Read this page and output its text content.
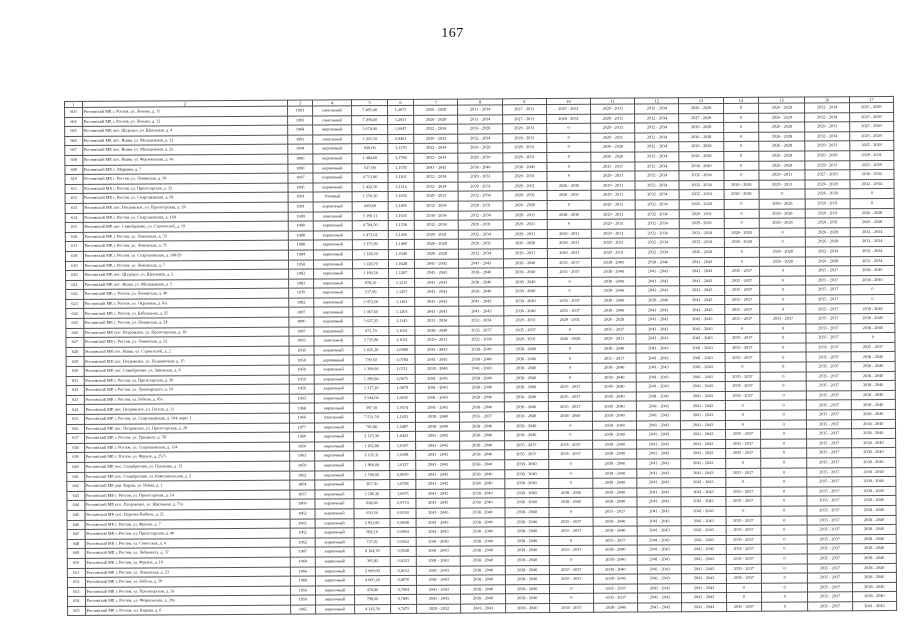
167
1	2	3	4	5	6	7	8	9	10	11	12	13	14	15	16	17
603	Ростовский МР, г. Ростов, ул. Ленина, д. 11	1993	панельный	7 485,40	1,2975	2026 - 2028	2031 - 2034	2027 - 2031	2027 - 2031	2029 - 2033	2032 - 2034	2026 - 2028	0	2026 - 2029	2032 - 2034	2025 - 2029
604	Ростовский МР, г. Ростов, ул. Ленина, д. 12	1993	панельный	7 298,60	1,2651	2026 - 2028	2031 - 2034	2027 - 2031	2029 - 2031	2029 - 2033	2032 - 2034	2027 - 2029	0	2026 - 2029	2032 - 2034	2025 - 2029
605	Ростовский МР, пос. Шурскол, ул. Школьная, д. 4	1968	кирпичный	3 678,90	1,0947	2032 - 2034	2026 - 2028	2029 - 2031	0	2029 - 2033	2032 - 2034	2026 - 2028	0	2026 - 2028	2029 - 2031	2025 - 2029
606	Ростовский МР, пос. Ишня, ул. Молодежная, д. 12	1991	панельный	3 265,50	0,9461	2030 - 2032	2032 - 2034	2028 - 2031	0	2029 - 2031	2032 - 2034	2026 - 2028	0	2026 - 2028	2032 - 2034	2025 - 2029
607	Ростовский МР, пос. Ишня, ул. Молодежная, д. 2а	1994	кирпичный	928,60	1,1176	2032 - 2034	2026 - 2028	2029 - 2031	0	2026 - 2028	2032 - 2034	2026 - 2028	0	2026 - 2028	2029 - 2031	2025 - 2029
608	Ростовский МР, пос. Ишня, ул. Фрунзенская, д. 4а	1986	кирпичный	1 484,60	1,1798	2032 - 2034	2028 - 2030	2029 - 2031	0	2026 - 2028	2032 - 2034	2026 - 2028	0	2026 - 2028	2026 - 2028	2029 - 2031
609	Ростовский МР, с. Марково, д. 7	1990	кирпичный	617,90	1,1578	2041 - 2043	2038 - 2040	2038 - 2040	0	2035 - 2037	2032 - 2034	2038 - 2040	0	2026 - 2028	2029 - 2031	2025 - 2029
610	Ростовский МР, г. Ростов, ул. Ленинская, д. 38	1997	кирпичный	4 713,80	1,1161	2032 - 2034	2029 - 2031	2029 - 2031	0	2029 - 2031	2032 - 2034	2032 - 2034	0	2029 - 2031	2027 - 2029	2030 - 2032
611	Ростовский МР, г. Ростов, ул. Пролетарская, д. 32	1995	кирпичный	1 422,50	1,1214	2032 - 2034	2029 - 2031	2029 - 2031	2028 - 2030	2029 - 2031	2032 - 2034	2032 - 2034	2026 - 2028	2029 - 2031	2026 - 2028	2032 - 2034
612	Ростовский МР, г. Ростов, ул. Спартаковская, д. 81	1991	блочный	1 156,30	1,1692	2029 - 2031	2032 - 2034	2029 - 2031	2029 - 2031	2029 - 2031	2032 - 2034	2032 - 2034	2026 - 2028	0	2026 - 2028	0
613	Ростовский МР, пос. Петровское, ул. Пролетарская, д. 26	1981	кирпичный	849,60	1,1605	2032 - 2034	2029 - 2031	2026 - 2028	0	2029 - 2031	2032 - 2034	2026 - 2028	0	2026 - 2028	2029 - 2031	0
614	Ростовский МР, г. Ростов, ул. Спартаковская, д. 164	1989	панельный	5 190,11	1,1635	2034 - 2036	2032 - 2034	2028 - 2031	2028 - 2030	2029 - 2031	2032 - 2034	2029 - 2031	0	2026 - 2028	2029 - 2031	2026 - 2028
615	Ростовский МР, пос. Семибратово, ул. Строителей, д. 19	1980	кирпичный	4 784,50	1,1536	2032 - 2034	2029 - 2031	2029 - 2031	0	2029 - 2031	2032 - 2034	2029 - 2031	0	2026 - 2028	2029 - 2031	2026 - 2028
616	Ростовский МР, г. Ростов, ул. Ленинская, д. 33	1988	кирпичный	2 472,61	1,1266	2029 - 2031	2032 - 2034	2029 - 2031	2029 - 2031	2029 - 2031	2032 - 2034	2032 - 2034	2026 - 2028	0	2026 - 2028	2032 - 2034
617	Ростовский МР, г. Ростов, ул. Ленинская, д. 35	1988	кирпичный	3 275,90	1,1460	2026 - 2028	2029 - 2031	2026 - 2028	2029 - 2031	2029 - 2031	2032 - 2034	2032 - 2034	2026 - 2028	0	2026 - 2028	2032 - 2034
618	Ростовский МР, г. Ростов, ул. Спартаковская, д. 108/29	1984	кирпичный	1 328,50	1,0340	2026 - 2028	2032 - 2034	2029 - 2031	2029 - 2031	2029 - 2031	2032 - 2034	2026 - 2028	0	2026 - 2028	2032 - 2034	2032 - 2034
619	Ростовский МР, г. Ростов, ул. Ленинская, д. 7	1958	кирпичный	1 228,70	1,0428	2041 - 2043	2041 - 2043	2038 - 2040	2035 - 2037	2038 - 2040	2038 - 2040	2041 - 2043	0	2026 - 2028	2026 - 2028	2032 - 2034
620	Ростовский МР, пос. Шурскол, ул. Школьная, д. 2	1982	кирпичный	1 169,50	1,1267	2041 - 2043	2038 - 2040	2038 - 2040	2035 - 2037	2038 - 2040	2041 - 2043	2041 - 2043	2035 - 2037	0	2035 - 2037	2038 - 2040
621	Ростовский МР, пос. Ишня, ул. Молодежная, д. 5	1983	кирпичный	978,50	1,1215	2041 - 2043	2038 - 2040	2038 - 2040	0	2038 - 2040	2041 - 2043	2041 - 2043	2035 - 2037	0	2035 - 2037	2038 - 2040
622	Ростовский МР, г. Ростов, ул. Ленинская, д. 40	1970	кирпичный	517,90	1,1257	2041 - 2043	2038 - 2040	2038 - 2040	0	2038 - 2040	2041 - 2043	2041 - 2043	2035 - 2037	0	2035 - 2037	0
623	Ростовский МР, г. Ростов, ул. Окружная, д. 6/а	1982	кирпичный	3 973,50	1,1163	2041 - 2043	2041 - 2043	2038 - 2040	2035 - 2037	2038 - 2040	2038 - 2040	2041 - 2043	2035 - 2037	0	2035 - 2037	0
624	Ростовский МР, г. Ростов, ул. Бабушкина, д. 25	1997	кирпичный	1 067,60	1,1203	2041 - 2043	2041 - 2043	2038 - 2040	2035 - 2037	2038 - 2040	2041 - 2043	2041 - 2043	2035 - 2037	0	2035 - 2037	2038 - 2040
625	Ростовский МР, г. Ростов, ул. Ленинская, д. 24	1990	кирпичный	3 627,35	1,1145	2031 - 2034	2032 - 2034	2029 - 2031	2029 - 2031	2026 - 2028	2041 - 2043	2041 - 2043	2035 - 2037	2035 - 2037	2035 - 2037	2038 - 2040
626	Ростовский МР, пос. Петровское, ул. Пролетарская, д. 18	1987	кирпичный	471,70	1,1021	2038 - 2040	2035 - 2037	2035 - 2037	0	2035 - 2037	2041 - 2043	2041 - 2043	0	0	2035 - 2037	2038 - 2040
627	Ростовский МР, г. Ростов, ул. Ленинская, д. 32	1993	панельный	3 725,90	1,1021	2029 - 2031	2032 - 2034	2029 - 2031	2026 - 2028	2029 - 2031	2041 - 2043	2041 - 2043	2035 - 2037	0	2035 - 2037	0
628	Ростовский МР, пос. Ишня, ул. Строителей, д. 2	1958	кирпичный	1 025,20	1,0988	2041 - 2043	2038 - 2040	2038 - 2040	0	2038 - 2040	2041 - 2043	2041 - 2043	2035 - 2037	0	2035 - 2037	2035 - 2037
629	Ростовский МР, пос. Петровское, ул. Пушкинская, д. 15	1958	деревянный	739,50	1,0784	2041 - 2043	2038 - 2040	2038 - 2040	0	2035 - 2037	2041 - 2043	2041 - 2043	2035 - 2037	0	2035 - 2037	2038 - 2040
630	Ростовский МР, пос. Семибратово, ул. Заводская, д. 8	1958	кирпичный	1 369,00	1,0711	2038 - 2040	2041 - 2043	2038 - 2040	0	2038 - 2040	2041 - 2043	2041 - 2043	0	0	2035 - 2037	2038 - 2040
631	Ростовский МР, г. Ростов, ул. Пролетарская, д. 30	1959	кирпичный	1 290,80	1,0675	2041 - 2043	2038 - 2040	2038 - 2040	0	2038 - 2040	2041 - 2043	2041 - 2043	2035 - 2037	0	2035 - 2037	2038 - 2040
632	Ростовский МР, г. Ростов, ул. Луначарского, д. 10	1959	кирпичный	1 317,20	1,0679	2041 - 2043	2038 - 2040	2038 - 2040	2035 - 2037	2038 - 2040	2041 - 2043	2041 - 2043	2035 - 2037	0	2035 - 2037	2038 - 2040
633	Ростовский МР, г. Ростов, ул. Бебеля, д. 65а	1963	кирпичный	3 544,60	1,0635	2041 - 2043	2038 - 2040	2038 - 2040	2035 - 2037	2038 - 2040	2041 - 2043	2041 - 2043	2035 - 2037	0	2035 - 2037	2038 - 2040
634	Ростовский МР, пос. Петровское, ул. Гоголя, д. 11	1968	кирпичный	397,10	1,0574	2041 - 2043	2038 - 2040	2038 - 2040	2035 - 2037	2038 - 2040	2041 - 2043	2041 - 2043	0	0	2035 - 2037	2038 - 2040
635	Ростовский МР, г. Ростов, ул. Спартаковская, д. 164, корп. 1	1966	панельный	7 531,59	1,1025	2038 - 2040	2035 - 2037	2038 - 2040	2038 - 2040	2038 - 2040	2041 - 2043	2041 - 2043	0	0	2035 - 2037	2038 - 2040
636	Ростовский МР, пос. Петровское, ул. Пролетарская, д. 20	1977	кирпичный	705,80	1,0487	2038 - 2040	2038 - 2040	2038 - 2040	0	2038 - 2040	2041 - 2043	2041 - 2043	0	0	2035 - 2037	2038 - 2040
637	Ростовский МР, г. Ростов, ул. Урицкого, д. 5б	1960	кирпичный	2 125,30	1,0423	2041 - 2043	2038 - 2040	2038 - 2040	0	2038 - 2040	2041 - 2043	2041 - 2043	2035 - 2037	0	2035 - 2037	2038 - 2040
638	Ростовский МР, г. Ростов, ул. Спартаковская, д. 114	1950	кирпичный	1 262,80	1,0167	2041 - 2043	2038 - 2040	2035 - 2037	2035 - 2037	2038 - 2040	2041 - 2043	2041 - 2043	2035 - 2037	0	2035 - 2037	2038 - 2040
639	Ростовский МР, г. Ростов, ул. Фрунзе, д. 25/3	1963	кирпичный	2 235,31	1,0398	2041 - 2043	2038 - 2040	2035 - 2037	2035 - 2037	2038 - 2040	2041 - 2043	2041 - 2043	2035 - 2037	0	2035 - 2037	2038 - 2040
640	Ростовский МР, пос. Семибратово, ул. Пушкина, д. 12	1959	кирпичный	1 860,00	1,0327	2041 - 2043	2038 - 2040	2038 - 2040	0	2038 - 2040	2041 - 2043	2041 - 2043	0	0	2035 - 2037	2038 - 2040
641	Ростовский МР, пос. Семибратово, ул. Комсомольская, д. 2	1962	кирпичный	1 709,00	0,9970	2041 - 2043	2038 - 2040	2038 - 2040	0	2038 - 2040	2041 - 2043	2041 - 2043	2035 - 2037	0	2035 - 2037	2038 - 2040
642	Ростовский МР, дер. Караш, ул. Новая, д. 1	1964	кирпичный	367,50	1,0798	2041 - 2043	2038 - 2040	2038 - 2040	0	2038 - 2040	2041 - 2043	2041 - 2043	0	0	2035 - 2037	2038 - 2040
643	Ростовский МР, г. Ростов, ул. Пролетарская, д. 14	1957	кирпичный	3 186,20	1,0975	2041 - 2043	2038 - 2040	2038 - 2040	2038 - 2040	2038 - 2040	2041 - 2043	2041 - 2043	2035 - 2037	0	2035 - 2037	2038 - 2040
644	Ростовский МР, пос. Петровское, ул. Школьная, д. 71а	1969	кирпичный	828,00	0,9774	2041 - 2043	2038 - 2040	2038 - 2040	2038 - 2040	2038 - 2040	2041 - 2043	2041 - 2043	2035 - 2037	0	2035 - 2037	2038 - 2040
645	Ростовский МР, пос. Поречье-Рыбное, д. 21	1962	кирпичный	650,50	0,9530	2041 - 2043	2038 - 2040	2038 - 2040	0	2035 - 2037	2041 - 2043	2041 - 2043	0	0	2035 - 2037	2038 - 2040
646	Ростовский МР, г. Ростов, ул. Фрунзе, д. 7	1965	кирпичный	2 953,90	0,9698	2041 - 2043	2038 - 2040	2038 - 2040	2035 - 2037	2038 - 2040	2041 - 2043	2041 - 2043	2035 - 2037	0	2035 - 2037	2038 - 2040
647	Ростовский МР, г. Ростов, ул. Пролетарская, д. 46	1962	кирпичный	982,10	0,9694	2041 - 2043	2038 - 2040	2038 - 2040	2035 - 2037	2038 - 2040	2041 - 2043	2041 - 2043	2035 - 2037	0	2035 - 2037	2038 - 2040
648	Ростовский МР, г. Ростов, ул. Советская, д. 4	1962	кирпичный	727,01	0,9652	2041 - 2043	2038 - 2040	2038 - 2040	0	2035 - 2037	2041 - 2043	2041 - 2043	2035 - 2037	0	2035 - 2037	2038 - 2040
649	Ростовский МР, г. Ростов, ул. Либкнехта, д. 37	1987	кирпичный	8 164,70	0,9548	2041 - 2043	2038 - 2040	2038 - 2040	2035 - 2037	2038 - 2040	2041 - 2043	2041 - 2043	2035 - 2037	0	2035 - 2037	2038 - 2040
650	Ростовский МР, г. Ростов, ул. Фрунзе, д. 10	1969	кирпичный	395,82	0,8333	2041 - 2043	2038 - 2040	2038 - 2040	0	2038 - 2040	2041 - 2043	2041 - 2043	2035 - 2037	0	2035 - 2037	2038 - 2040
651	Ростовский МР, г. Ростов, ул. Ленинская, д. 23	1966	кирпичный	2 609,00	0,8152	2041 - 2043	2038 - 2040	2038 - 2040	2035 - 2037	2038 - 2040	2041 - 2043	2041 - 2043	2035 - 2037	0	2035 - 2037	2038 - 2040
652	Ростовский МР, г. Ростов, ул. Бебеля, д. 59	1968	кирпичный	4 005,20	0,8070	2041 - 2043	2038 - 2040	2038 - 2040	2035 - 2037	2038 - 2040	2041 - 2043	2041 - 2043	2035 - 2037	0	2035 - 2037	2038 - 2040
653	Ростовский МР, г. Ростов, ул. Пролетарская, д. 3а	1956	кирпичный	470,80	0,7904	2041 - 2043	2038 - 2040	2038 - 2040	0	2035 - 2037	2041 - 2043	2041 - 2043	0	0	2035 - 2037	2038 - 2040
654	Ростовский МР, г. Ростов, ул. Февральская, д. 20а	1959	кирпичный	798,60	0,7895	2041 - 2043	2038 - 2040	2038 - 2040	0	2035 - 2037	2041 - 2043	2041 - 2043	0	0	2035 - 2037	2038 - 2040
655	Ростовский МР, г. Ростов, пл. Кирова, д. 6	1965	кирпичный	4 142,50	0,7475	2029 - 2032	2041 - 2043	2038 - 2040	2035 - 2037	2038 - 2040	2041 - 2043	2041 - 2043	2035 - 2037	0	2035 - 2037	2041 - 2043
